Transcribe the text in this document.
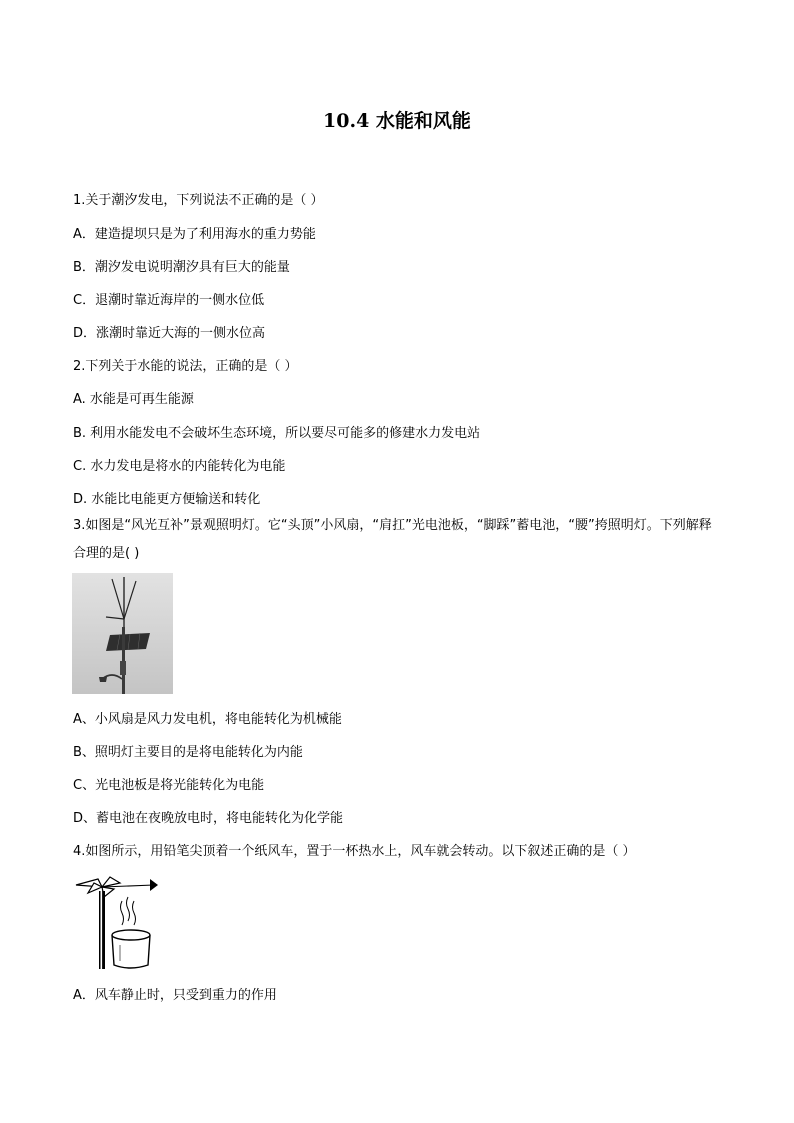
10.4 水能和风能
1.关于潮汐发电，下列说法不正确的是（ ）
A．建造提坝只是为了利用海水的重力势能
B．潮汐发电说明潮汐具有巨大的能量
C．退潮时靠近海岸的一侧水位低
D．涨潮时靠近大海的一侧水位高
2.下列关于水能的说法，正确的是（ ）
A. 水能是可再生能源
B. 利用水能发电不会破坏生态环境，所以要尽可能多的修建水力发电站
C. 水力发电是将水的内能转化为电能
D. 水能比电能更方便输送和转化
3.如图是“风光互补”景观照明灯。它“头顶”小风扇，“肩扛”光电池板，“脚踩”蓄电池，“腰”挎照明灯。下列解释合理的是( )
A、小风扇是风力发电机，将电能转化为机械能
B、照明灯主要目的是将电能转化为内能
C、光电池板是将光能转化为电能
D、蓄电池在夜晚放电时，将电能转化为化学能
4.如图所示，用铅笔尖顶着一个纸风车，置于一杯热水上，风车就会转动。以下叙述正确的是（ ）
A．风车静止时，只受到重力的作用
